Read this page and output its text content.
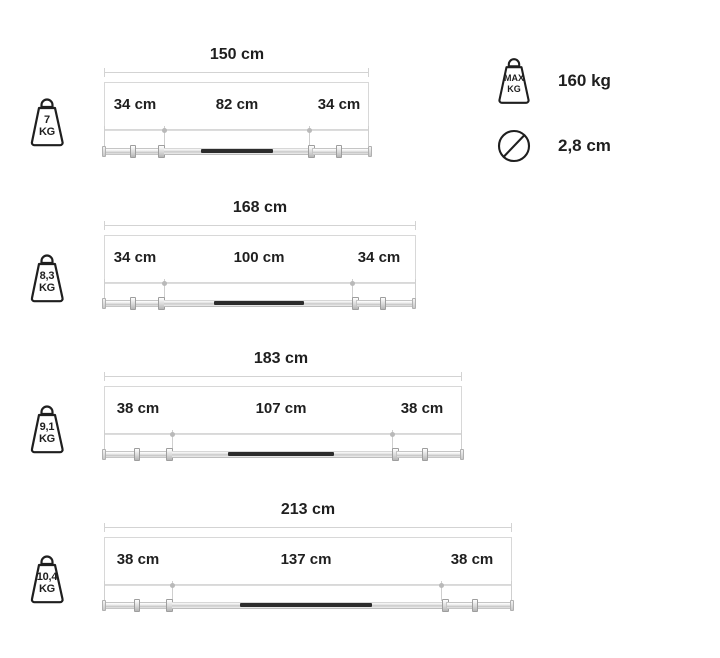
7
KG
150 cm
34 cm	82 cm	34 cm
MAX
KG	160 kg
2,8 cm
8,3
KG
168 cm
34 cm	100 cm	34 cm
9,1
KG
183 cm
38 cm	107 cm	38 cm
10,4
KG
213 cm
38 cm	137 cm	38 cm
